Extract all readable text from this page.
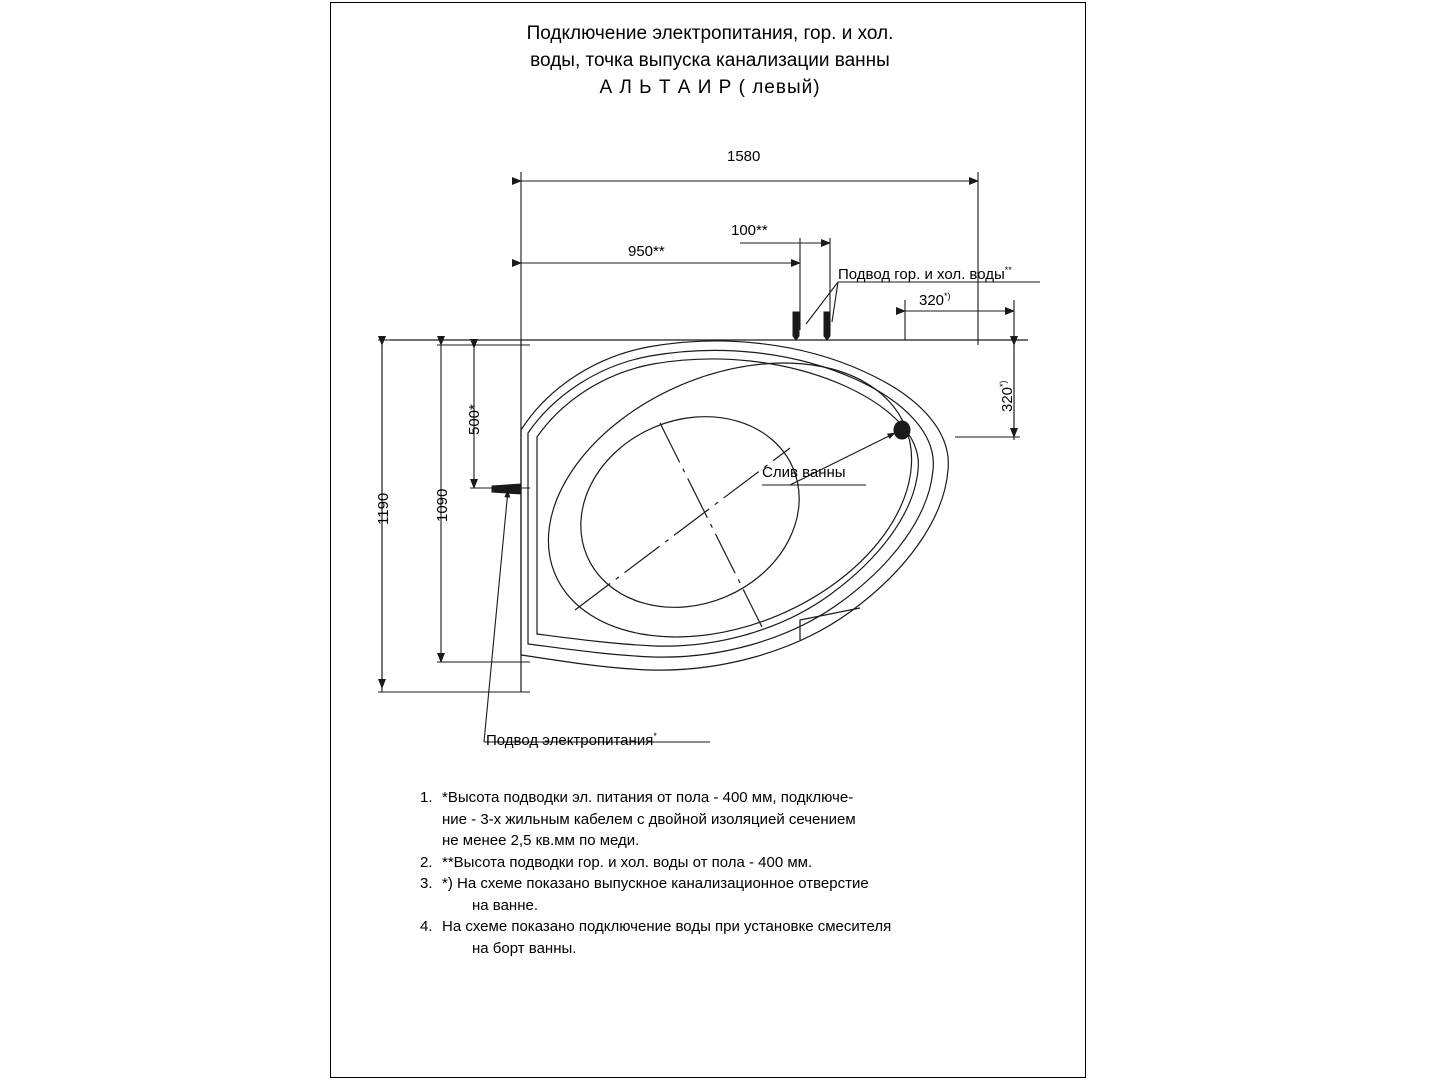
Подключение электропитания, гор. и хол.
воды, точка выпуска канализации ванны
А Л Ь Т А И Р ( левый)
1580
100**
950**
320*)
320*)
500*
1090
1190
Подвод гор. и хол. воды**
Слив ванны
Подвод электропитания*
1. *Высота подводки эл. питания от пола - 400 мм, подключе-
ние - 3-х жильным кабелем с двойной изоляцией сечением
не менее 2,5 кв.мм по меди.
2. **Высота подводки гор. и хол. воды от пола - 400 мм.
3. *) На схеме показано выпускное канализационное отверстие
на ванне.
4. На схеме показано подключение воды при установке смесителя
на борт ванны.
